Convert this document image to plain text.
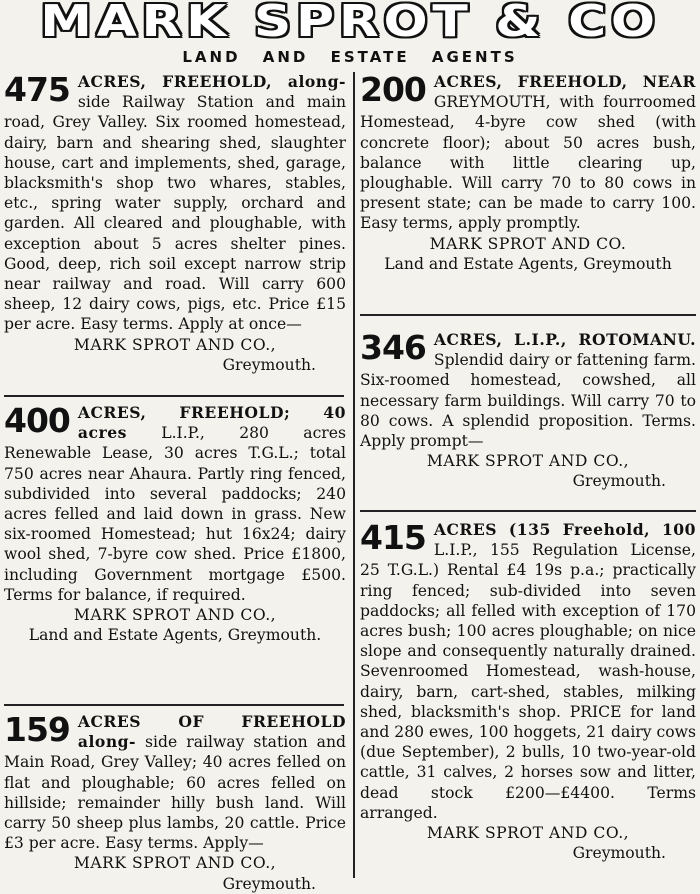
MARK SPROT & CO
LAND AND ESTATE AGENTS
475 ACRES, FREEHOLD, along- side Railway Station and main road, Grey Valley. Six roomed homestead, dairy, barn and shearing shed, slaughter house, cart and implements, shed, garage, blacksmith's shop two whares, stables, etc., spring water supply, orchard and garden. All cleared and ploughable, with exception about 5 acres shelter pines. Good, deep, rich soil except narrow strip near railway and road. Will carry 600 sheep, 12 dairy cows, pigs, etc. Price £15 per acre. Easy terms. Apply at once—
MARK SPROT AND CO.,
Greymouth.
400 ACRES, FREEHOLD; 40 acres L.I.P., 280 acres Renewable Lease, 30 acres T.G.L.; total 750 acres near Ahaura. Partly ring fenced, subdivided into several paddocks; 240 acres felled and laid down in grass. New six-roomed Homestead; hut 16x24; dairy wool shed, 7-byre cow shed. Price £1800, including Government mortgage £500. Terms for balance, if required.
MARK SPROT AND CO.,
Land and Estate Agents, Greymouth.
159 ACRES OF FREEHOLD along- side railway station and Main Road, Grey Valley; 40 acres felled on flat and ploughable; 60 acres felled on hillside; remainder hilly bush land. Will carry 50 sheep plus lambs, 20 cattle. Price £3 per acre. Easy terms. Apply—
MARK SPROT AND CO.,
Greymouth.
200 ACRES, FREEHOLD, NEAR GREYMOUTH, with fourroomed Homestead, 4-byre cow shed (with concrete floor); about 50 acres bush, balance with little clearing up, ploughable. Will carry 70 to 80 cows in present state; can be made to carry 100. Easy terms, apply promptly.
MARK SPROT AND CO.
Land and Estate Agents, Greymouth
346 ACRES, L.I.P., ROTOMANU. Splendid dairy or fattening farm. Six-roomed homestead, cowshed, all necessary farm buildings. Will carry 70 to 80 cows. A splendid proposition. Terms. Apply prompt—
MARK SPROT AND CO.,
Greymouth.
415 ACRES (135 Freehold, 100 L.I.P., 155 Regulation License, 25 T.G.L.) Rental £4 19s p.a.; practically ring fenced; sub-divided into seven paddocks; all felled with exception of 170 acres bush; 100 acres ploughable; on nice slope and consequently naturally drained. Sevenroomed Homestead, wash-house, dairy, barn, cart-shed, stables, milking shed, blacksmith's shop. PRICE for land and 280 ewes, 100 hoggets, 21 dairy cows (due September), 2 bulls, 10 two-year-old cattle, 31 calves, 2 horses sow and litter, dead stock £200—£4400. Terms arranged.
MARK SPROT AND CO.,
Greymouth.
